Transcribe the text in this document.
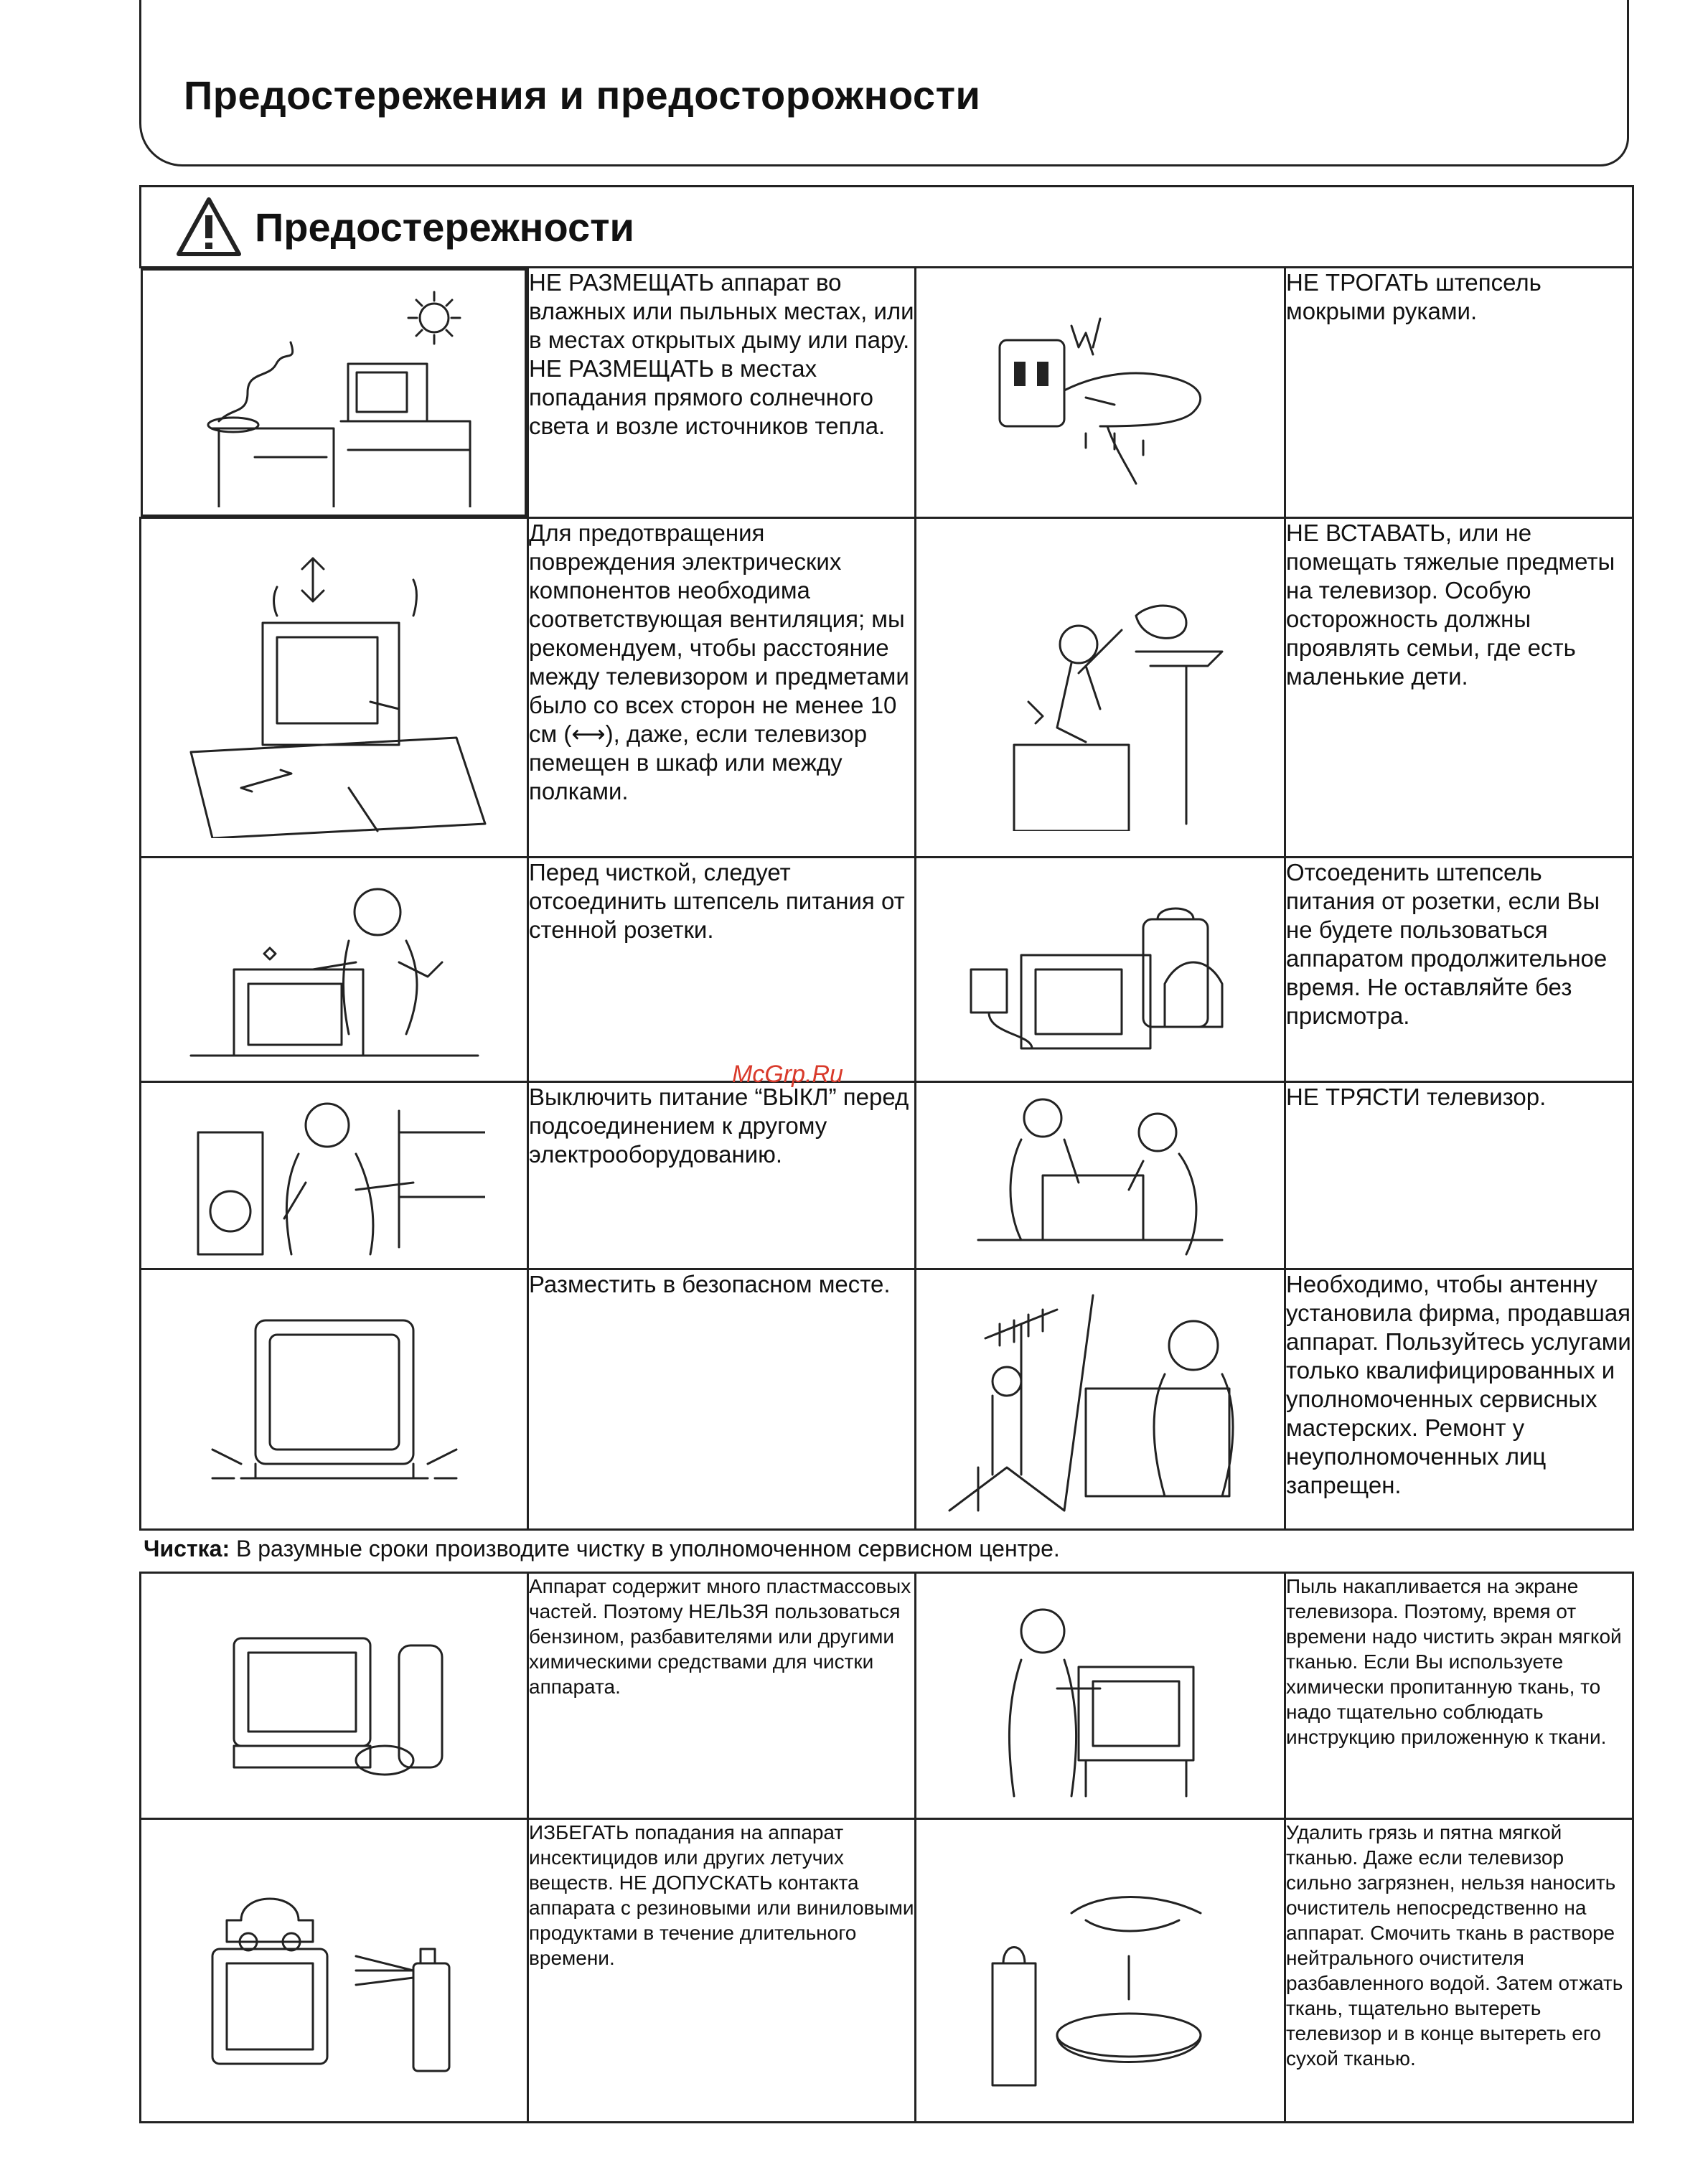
Предостережения и предосторожности
Предостережности			

НЕ РАЗМЕЩАТЬ аппарат во влажных или пыльных местах, или в местах открытых дыму или пару. НЕ РАЗМЕЩАТЬ в местах попадания прямого солнечного света и возле источников тепла.		НЕ ТРОГАТЬ штепсель мокрыми руками.

	Для предотвращения повреждения электрических компонентов необходима соответствующая вентиляция; мы рекомендуем, чтобы расстояние между телевизором и предметами было со всех сторон не менее 10 см (⟷), даже, если телевизор пемещен в шкаф или между полками.		НЕ ВСТАВАТЬ, или не помещать тяжелые предметы на телевизор. Особую осторожность должны проявлять семьи, где есть маленькие дети.

	Перед чисткой, следует отсоединить штепсель питания от стенной розетки.		Отсоеденить штепсель питания от розетки, если Вы не будете пользоваться аппаратом продолжительное время. Не оставляйте без присмотра.

	Выключить питание “ВЫКЛ” перед подсоединением к другому электрооборудованию.		НЕ ТРЯСТИ телевизор.

	Разместить в безопасном месте.		Необходимо, чтобы антенну установила фирма, продавшая аппарат. Пользуйтесь услугами только квалифицированных и уполномоченных сервисных мастерских. Ремонт у неуполномоченных лиц запрещен.

Чистка: В разумные сроки производите чистку в уполномоченном сервисном центре.

	Аппарат содержит много пластмассовых частей. Поэтому НЕЛЬЗЯ пользоваться бензином, разбавителями или другими химическими средствами для чистки аппарата.		Пыль накапливается на экране телевизора. Поэтому, время от времени надо чистить экран мягкой тканью. Если Вы используете химически пропитанную ткань, то надо тщательно соблюдать инструкцию приложенную к ткани.

	ИЗБЕГАТЬ попадания на аппарат инсектицидов или других летучих веществ. НЕ ДОПУСКАТЬ контакта аппарата с резиновыми или виниловыми продуктами в течение длительного времени.		Удалить грязь и пятна мягкой тканью. Даже если телевизор сильно загрязнен, нельзя наносить очиститель непосредственно на аппарат. Смочить ткань в растворе нейтрального очистителя разбавленного водой. Затем отжать ткань, тщательно вытереть телевизор и в конце вытереть его сухой тканью.
McGrp.Ru
